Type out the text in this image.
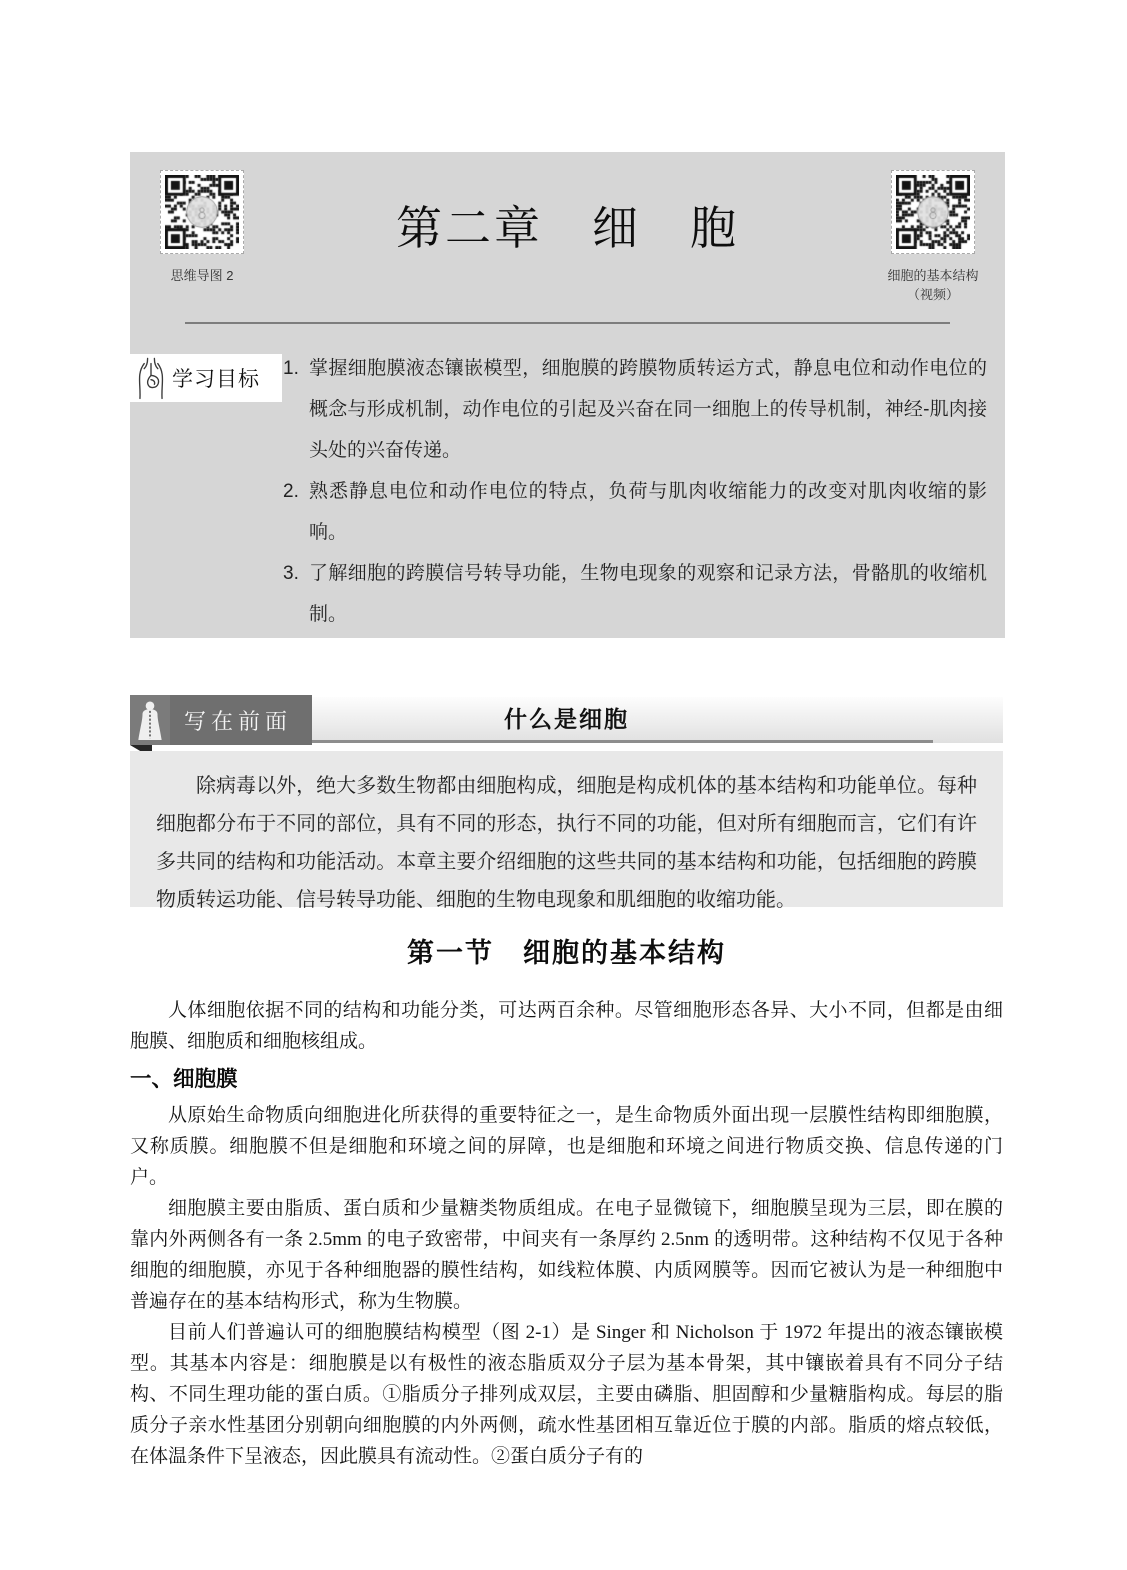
思维导图 2
第二章　细　胞
细胞的基本结构
（视频）
学习目标 1. 掌握细胞膜液态镶嵌模型，细胞膜的跨膜物质转运方式，静息电位和动作电位的概念与形成机制，动作电位的引起及兴奋在同一细胞上的传导机制，神经-肌肉接头处的兴奋传递。
2. 熟悉静息电位和动作电位的特点，负荷与肌肉收缩能力的改变对肌肉收缩的影响。
3. 了解细胞的跨膜信号转导功能，生物电现象的观察和记录方法，骨骼肌的收缩机制。
什么是细胞
写在前面

除病毒以外，绝大多数生物都由细胞构成，细胞是构成机体的基本结构和功能单位。每种细胞都分布于不同的部位，具有不同的形态，执行不同的功能，但对所有细胞而言，它们有许多共同的结构和功能活动。本章主要介绍细胞的这些共同的基本结构和功能，包括细胞的跨膜物质转运功能、信号转导功能、细胞的生物电现象和肌细胞的收缩功能。

第一节　细胞的基本结构

人体细胞依据不同的结构和功能分类，可达两百余种。尽管细胞形态各异、大小不同，但都是由细胞膜、细胞质和细胞核组成。

一、细胞膜

从原始生命物质向细胞进化所获得的重要特征之一，是生命物质外面出现一层膜性结构即细胞膜，又称质膜。细胞膜不但是细胞和环境之间的屏障，也是细胞和环境之间进行物质交换、信息传递的门户。

细胞膜主要由脂质、蛋白质和少量糖类物质组成。在电子显微镜下，细胞膜呈现为三层，即在膜的靠内外两侧各有一条 2.5mm 的电子致密带，中间夹有一条厚约 2.5nm 的透明带。这种结构不仅见于各种细胞的细胞膜，亦见于各种细胞器的膜性结构，如线粒体膜、内质网膜等。因而它被认为是一种细胞中普遍存在的基本结构形式，称为生物膜。

目前人们普遍认可的细胞膜结构模型（图 2-1）是 Singer 和 Nicholson 于 1972 年提出的液态镶嵌模型。其基本内容是：细胞膜是以有极性的液态脂质双分子层为基本骨架，其中镶嵌着具有不同分子结构、不同生理功能的蛋白质。①脂质分子排列成双层，主要由磷脂、胆固醇和少量糖脂构成。每层的脂质分子亲水性基团分别朝向细胞膜的内外两侧，疏水性基团相互靠近位于膜的内部。脂质的熔点较低，在体温条件下呈液态，因此膜具有流动性。②蛋白质分子有的
